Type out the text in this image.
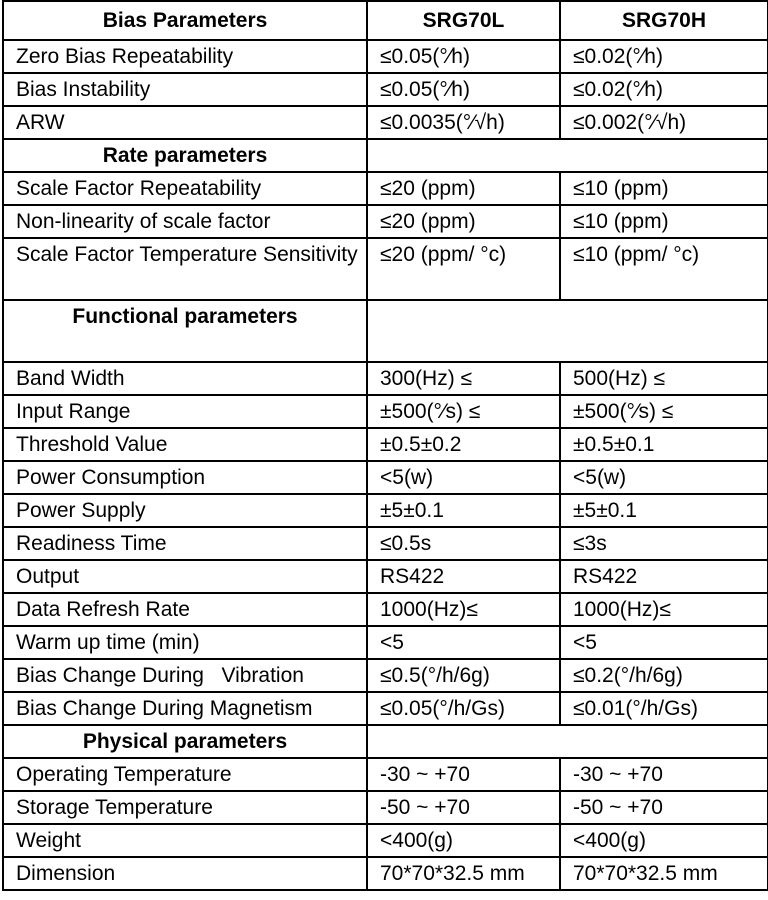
Bias Parameters	SRG70L	SRG70H
Zero Bias Repeatability	≤0.05(°⁄h)	≤0.02(°⁄h)
Bias Instability	≤0.05(°⁄h)	≤0.02(°⁄h)
ARW	≤0.0035(°⁄√h)	≤0.002(°⁄√h)
Rate parameters		
Scale Factor Repeatability	≤20 (ppm)	≤10 (ppm)
Non-linearity of scale factor	≤20 (ppm)	≤10 (ppm)
Scale Factor Temperature Sensitivity	≤20 (ppm/ °c)	≤10 (ppm/ °c)
Functional parameters		
Band Width	300(Hz) ≤	500(Hz) ≤
Input Range	±500(°⁄s) ≤	±500(°⁄s) ≤
Threshold Value	±0.5±0.2	±0.5±0.1
Power Consumption	<5(w)	<5(w)
Power Supply	±5±0.1	±5±0.1
Readiness Time	≤0.5s	≤3s
Output	RS422	RS422
Data Refresh Rate	1000(Hz)≤	1000(Hz)≤
Warm up time (min)	<5	<5
Bias Change During   Vibration	≤0.5(°/h/6g)	≤0.2(°/h/6g)
Bias Change During Magnetism	≤0.05(°/h/Gs)	≤0.01(°/h/Gs)
Physical parameters		
Operating Temperature	-30 ~ +70	-30 ~ +70
Storage Temperature	-50 ~ +70	-50 ~ +70
Weight	<400(g)	<400(g)
Dimension	70*70*32.5 mm	70*70*32.5 mm
